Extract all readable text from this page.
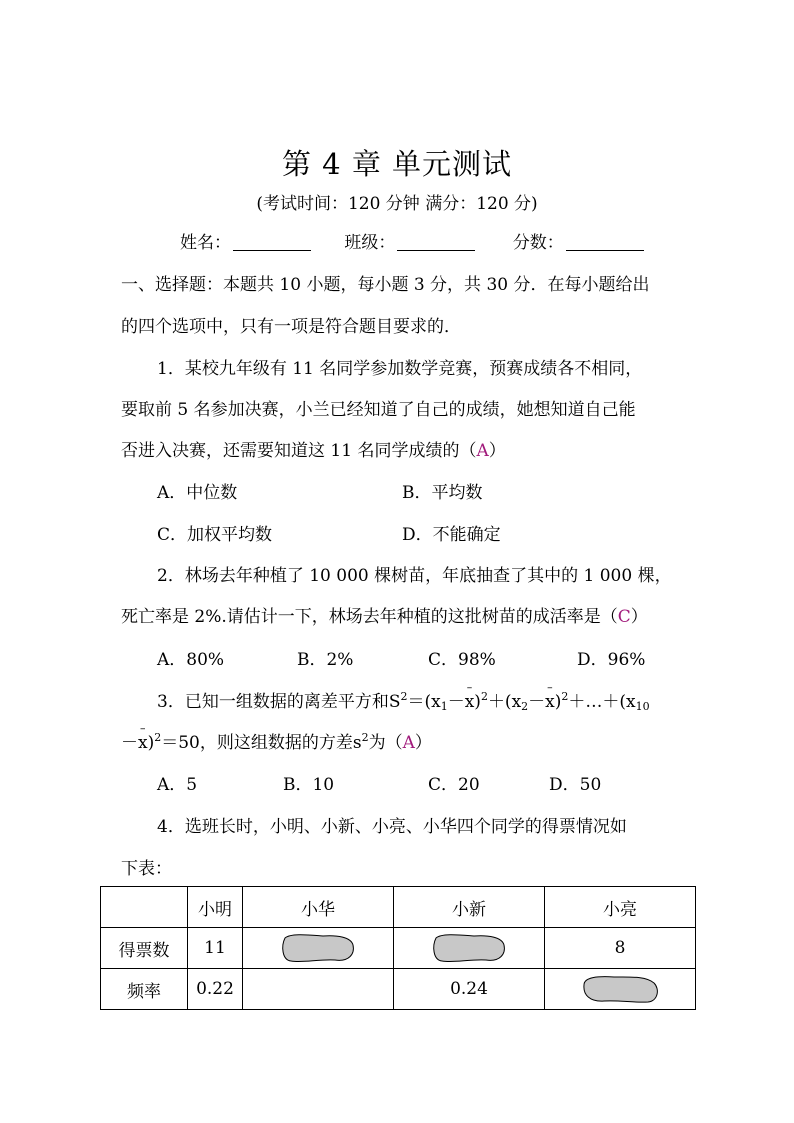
第 4 章 单元测试
(考试时间：120 分钟 满分：120 分)
姓名：	班级：	分数：
一、选择题：本题共 10 小题，每小题 3 分，共 30 分．在每小题给出
的四个选项中，只有一项是符合题目要求的．
1．某校九年级有 11 名同学参加数学竞赛，预赛成绩各不相同，
要取前 5 名参加决赛，小兰已经知道了自己的成绩，她想知道自己能
否进入决赛，还需要知道这 11 名同学成绩的（A）
A．中位数	B．平均数
C．加权平均数	D．不能确定
2．林场去年种植了 10 000 棵树苗，年底抽查了其中的 1 000 棵，
死亡率是 2%.请估计一下，林场去年种植的这批树苗的成活率是（C）
A．80%	B．2%	C．98%	D．96%
3．已知一组数据的离差平方和$S^2=(x_1--$ $x)^2+(x_2--$ $x)^2+\dots+(x_{10}$
－– x)$^2$＝50，则这组数据的方差$s^2$为（A）
A．5	B．10	C．20	D．50
4．选班长时，小明、小新、小亮、小华四个同学的得票情况如
下表：
	小明	小华	小新	小亮
得票数	11			8
频率	0.22		0.24	
